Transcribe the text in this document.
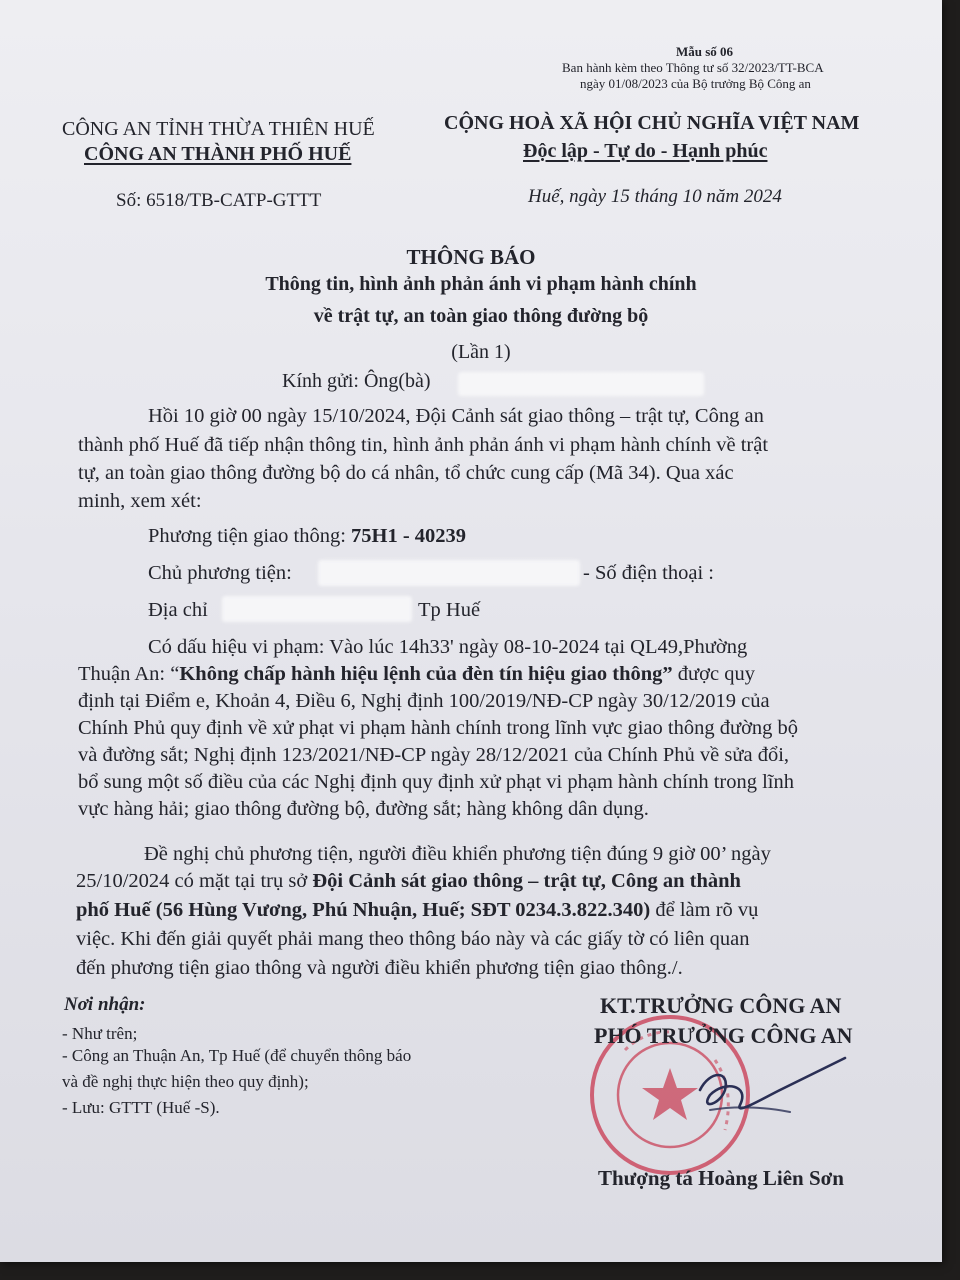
Mẫu số 06
Ban hành kèm theo Thông tư số 32/2023/TT-BCA
ngày 01/08/2023 của Bộ trưởng Bộ Công an
CÔNG AN TỈNH THỪA THIÊN HUẾ
CÔNG AN THÀNH PHỐ HUẾ
Số: 6518/TB-CATP-GTTT
CỘNG HOÀ XÃ HỘI CHỦ NGHĨA VIỆT NAM
Độc lập - Tự do - Hạnh phúc
Huế, ngày 15 tháng 10 năm 2024
THÔNG BÁO
Thông tin, hình ảnh phản ánh vi phạm hành chính
về trật tự, an toàn giao thông đường bộ
(Lần 1)
Kính gửi: Ông(bà)
Hồi 10 giờ 00 ngày 15/10/2024, Đội Cảnh sát giao thông – trật tự, Công an
thành phố Huế đã tiếp nhận thông tin, hình ảnh phản ánh vi phạm hành chính về trật
tự, an toàn giao thông đường bộ do cá nhân, tổ chức cung cấp (Mã 34). Qua xác
minh, xem xét:
Phương tiện giao thông: 75H1 - 40239
Chủ phương tiện:	- Số điện thoại :
Địa chỉ	Tp Huế
Có dấu hiệu vi phạm: Vào lúc 14h33' ngày 08-10-2024 tại QL49,Phường
Thuận An: “Không chấp hành hiệu lệnh của đèn tín hiệu giao thông” được quy
định tại Điểm e, Khoản 4, Điều 6, Nghị định 100/2019/NĐ-CP ngày 30/12/2019 của
Chính Phủ quy định về xử phạt vi phạm hành chính trong lĩnh vực giao thông đường bộ
và đường sắt; Nghị định 123/2021/NĐ-CP ngày 28/12/2021 của Chính Phủ về sửa đổi,
bổ sung một số điều của các Nghị định quy định xử phạt vi phạm hành chính trong lĩnh
vực hàng hải; giao thông đường bộ, đường sắt; hàng không dân dụng.
Đề nghị chủ phương tiện, người điều khiển phương tiện đúng 9 giờ 00’ ngày
25/10/2024 có mặt tại trụ sở Đội Cảnh sát giao thông – trật tự, Công an thành
phố Huế (56 Hùng Vương, Phú Nhuận, Huế; SĐT 0234.3.822.340) để làm rõ vụ
việc. Khi đến giải quyết phải mang theo thông báo này và các giấy tờ có liên quan
đến phương tiện giao thông và người điều khiển phương tiện giao thông./.
Nơi nhận:
- Như trên;
- Công an Thuận An, Tp Huế (để chuyển thông báo
và đề nghị thực hiện theo quy định);
- Lưu: GTTT (Huế -S).
KT.TRƯỞNG CÔNG AN
PHÓ TRƯỞNG CÔNG AN
Thượng tá Hoàng Liên Sơn
